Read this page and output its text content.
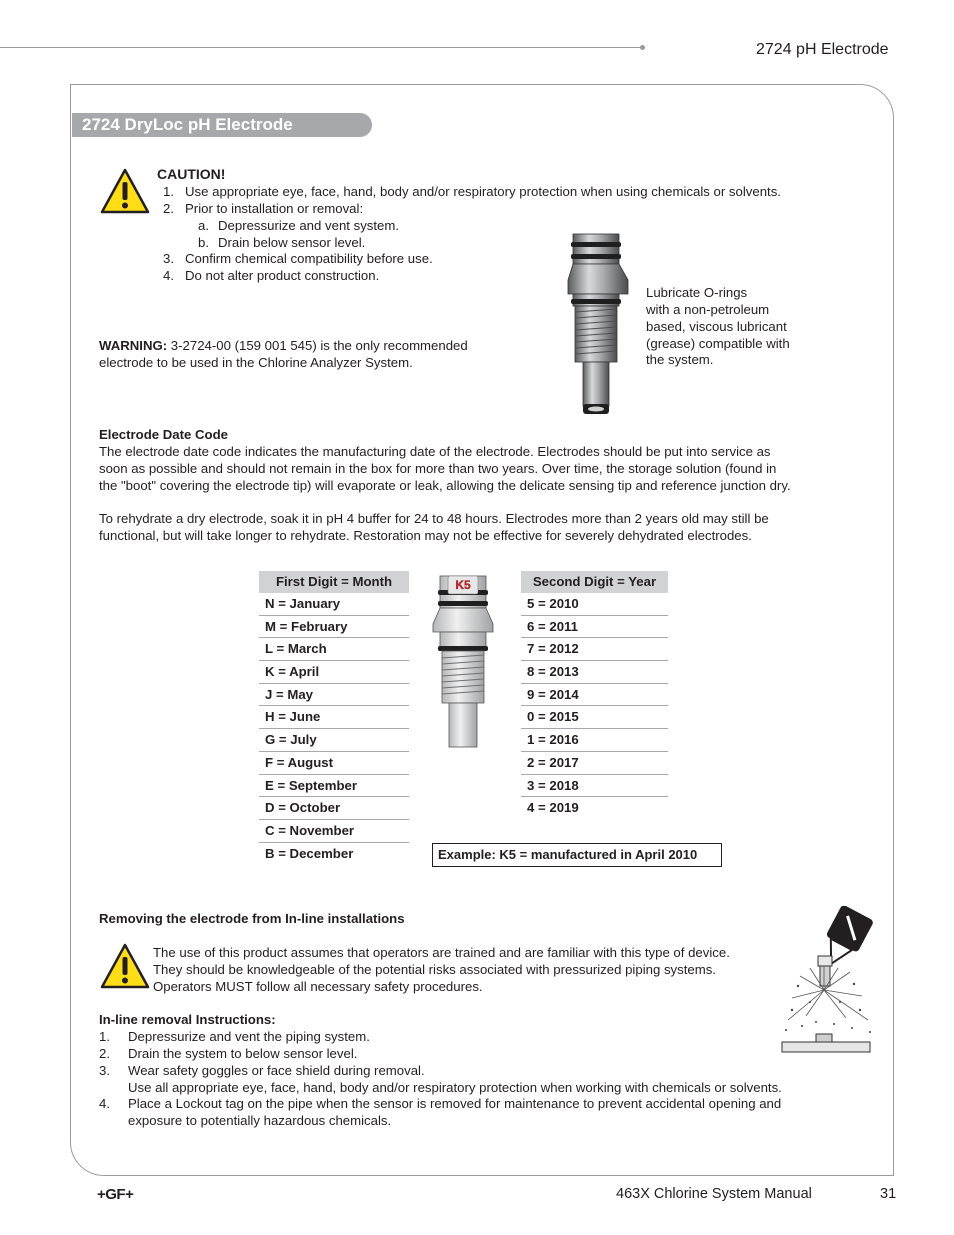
2724 pH Electrode
2724 DryLoc pH Electrode
CAUTION!
1. Use appropriate eye, face, hand, body and/or respiratory protection when using chemicals or solvents.
2. Prior to installation or removal:
a. Depressurize and vent system.
b. Drain below sensor level.
3. Confirm chemical compatibility before use.
4. Do not alter product construction.
WARNING: 3-2724-00 (159 001 545) is the only recommended
electrode to be used in the Chlorine Analyzer System.
Lubricate O-rings
with a non-petroleum
based, viscous lubricant
(grease) compatible with
the system.
Electrode Date Code
The electrode date code indicates the manufacturing date of the electrode. Electrodes should be put into service as
soon as possible and should not remain in the box for more than two years. Over time, the storage solution (found in
the "boot" covering the electrode tip) will evaporate or leak, allowing the delicate sensing tip and reference junction dry.
To rehydrate a dry electrode, soak it in pH 4 buffer for 24 to 48 hours. Electrodes more than 2 years old may still be
functional, but will take longer to rehydrate. Restoration may not be effective for severely dehydrated electrodes.
First Digit = Month
N = January
M = February
L = March
K = April
J = May
H = June
G = July
F = August
E = September
D = October
C = November
B = December
K5	Second Digit = Year
5 = 2010
6 = 2011
7 = 2012
8 = 2013
9 = 2014
0 = 2015
1 = 2016
2 = 2017
3 = 2018
4 = 2019
Example: K5 = manufactured in April 2010
Removing the electrode from In-line installations
The use of this product assumes that operators are trained and are familiar with this type of device.
They should be knowledgeable of the potential risks associated with pressurized piping systems.
Operators MUST follow all necessary safety procedures.
In-line removal Instructions:
1. Depressurize and vent the piping system.
2. Drain the system to below sensor level.
3. Wear safety goggles or face shield during removal.
Use all appropriate eye, face, hand, body and/or respiratory protection when working with chemicals or solvents.
4. Place a Lockout tag on the pipe when the sensor is removed for maintenance to prevent accidental opening and
exposure to potentially hazardous chemicals.
+GF+	463X Chlorine System Manual	31
